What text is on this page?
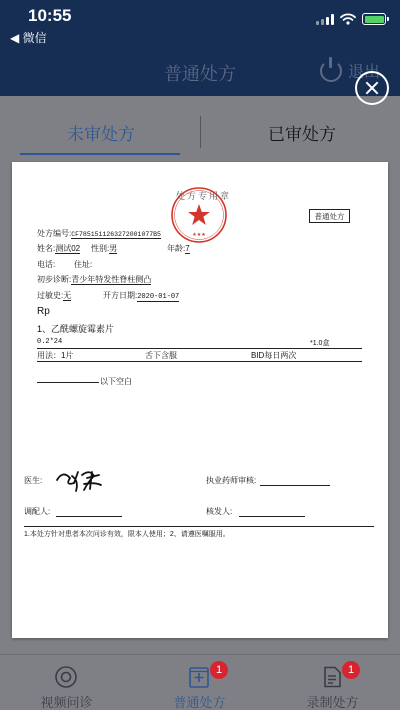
10:55
◀ 微信
普通处方	退出
未审处方	已审处方
视频问诊
1
普通处方
1
录制处方
★★★
处方专用章
普通处方
处方编号:CF7851511263272001077B5
姓名:测试02 性别:男	年龄:7
电话: 住址:
初步诊断:青少年特发性脊柱侧凸
过敏史:无	开方日期:2020-01-07
Rp
1、乙酰螺旋霉素片
0.2*24	*1.0盒
用法：1片	舌下含服	BID每日两次
以下空白
医生:	执业药师审核:
调配人:	核发人:
1.本处方针对患者本次问诊有效，限本人使用；2、请遵医嘱服用。
